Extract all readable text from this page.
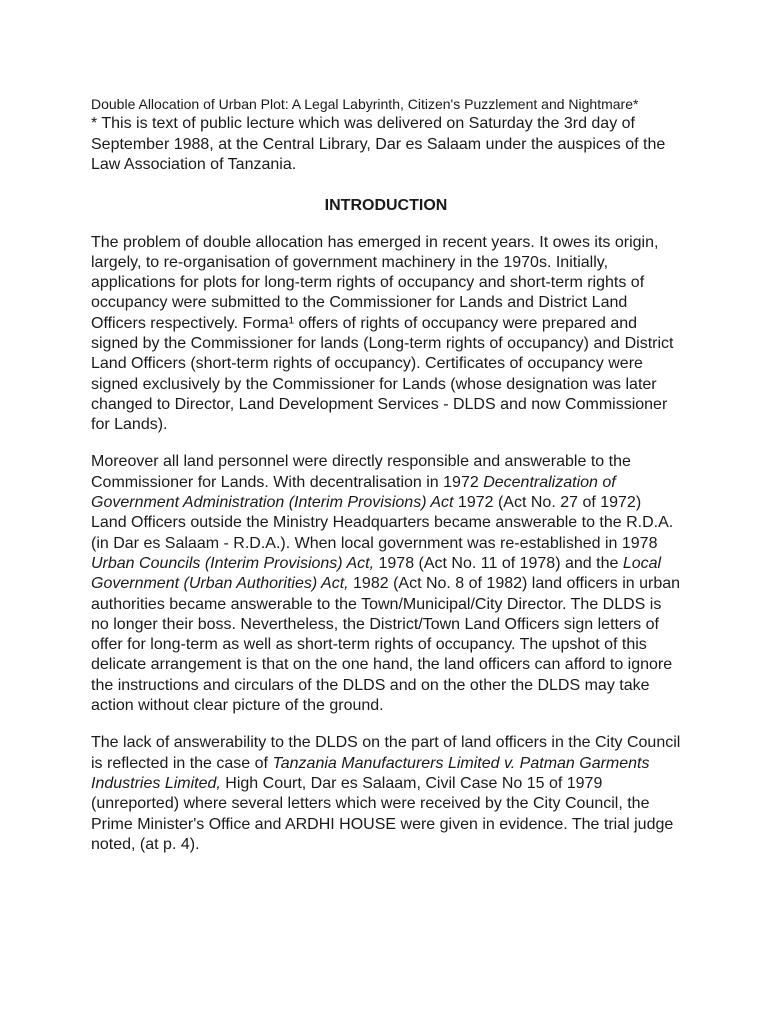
Double Allocation of Urban Plot: A Legal Labyrinth, Citizen's Puzzlement and Nightmare*

* This is text of public lecture which was delivered on Saturday the 3rd day of September 1988, at the Central Library, Dar es Salaam under the auspices of the Law Association of Tanzania.

INTRODUCTION

The problem of double allocation has emerged in recent years. It owes its origin, largely, to re-organisation of government machinery in the 1970s. Initially, applications for plots for long-term rights of occupancy and short-term rights of occupancy were submitted to the Commissioner for Lands and District Land Officers respectively. Forma¹ offers of rights of occupancy were prepared and signed by the Commissioner for lands (Long-term rights of occupancy) and District Land Officers (short-term rights of occupancy). Certificates of occupancy were signed exclusively by the Commissioner for Lands (whose designation was later changed to Director, Land Development Services - DLDS and now Commissioner for Lands).

Moreover all land personnel were directly responsible and answerable to the Commissioner for Lands. With decentralisation in 1972 Decentralization of Government Administration (Interim Provisions) Act 1972 (Act No. 27 of 1972) Land Officers outside the Ministry Headquarters became answerable to the R.D.A. (in Dar es Salaam - R.D.A.). When local government was re-established in 1978 Urban Councils (Interim Provisions) Act, 1978 (Act No. 11 of 1978) and the Local Government (Urban Authorities) Act, 1982 (Act No. 8 of 1982) land officers in urban authorities became answerable to the Town/Municipal/City Director. The DLDS is no longer their boss. Nevertheless, the District/Town Land Officers sign letters of offer for long-term as well as short-term rights of occupancy. The upshot of this delicate arrangement is that on the one hand, the land officers can afford to ignore the instructions and circulars of the DLDS and on the other the DLDS may take action without clear picture of the ground.

The lack of answerability to the DLDS on the part of land officers in the City Council is reflected in the case of Tanzania Manufacturers Limited v. Patman Garments Industries Limited, High Court, Dar es Salaam, Civil Case No 15 of 1979 (unreported) where several letters which were received by the City Council, the Prime Minister's Office and ARDHI HOUSE were given in evidence. The trial judge noted, (at p. 4).
